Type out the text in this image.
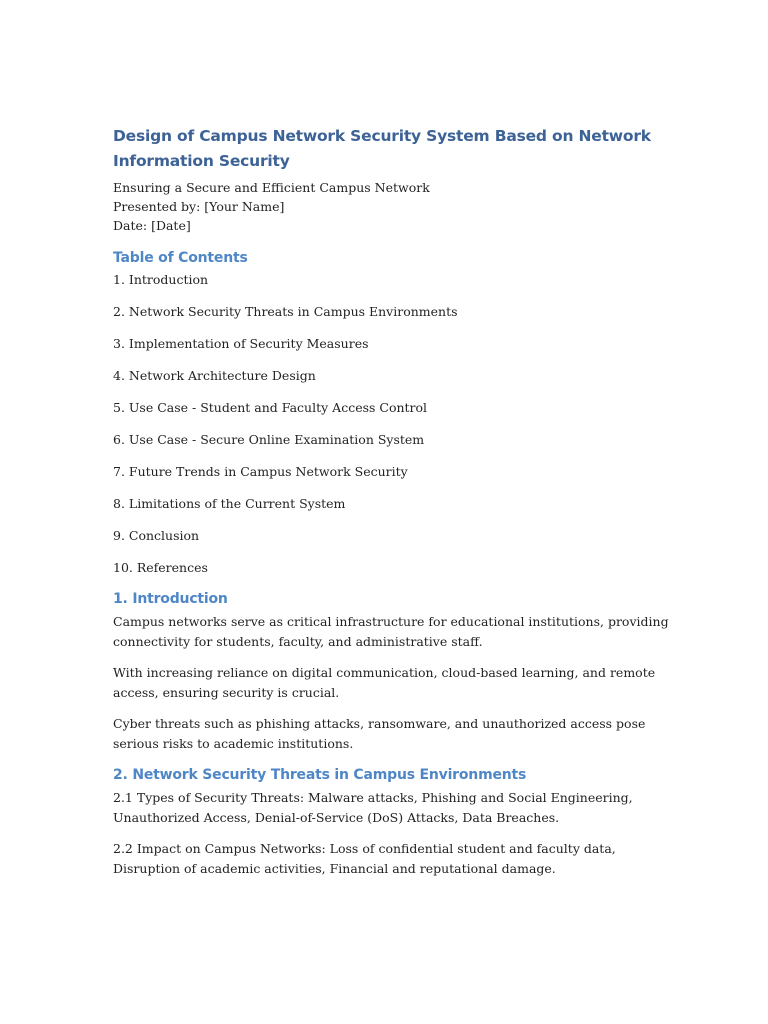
Design of Campus Network Security System Based on Network Information Security

Ensuring a Secure and Efficient Campus Network

Presented by: [Your Name]

Date: [Date]

Table of Contents

1. Introduction

2. Network Security Threats in Campus Environments

3. Implementation of Security Measures

4. Network Architecture Design

5. Use Case - Student and Faculty Access Control

6. Use Case - Secure Online Examination System

7. Future Trends in Campus Network Security

8. Limitations of the Current System

9. Conclusion

10. References

1. Introduction

Campus networks serve as critical infrastructure for educational institutions, providing connectivity for students, faculty, and administrative staff.

With increasing reliance on digital communication, cloud-based learning, and remote access, ensuring security is crucial.

Cyber threats such as phishing attacks, ransomware, and unauthorized access pose serious risks to academic institutions.

2. Network Security Threats in Campus Environments

2.1 Types of Security Threats: Malware attacks, Phishing and Social Engineering, Unauthorized Access, Denial-of-Service (DoS) Attacks, Data Breaches.

2.2 Impact on Campus Networks: Loss of confidential student and faculty data, Disruption of academic activities, Financial and reputational damage.
